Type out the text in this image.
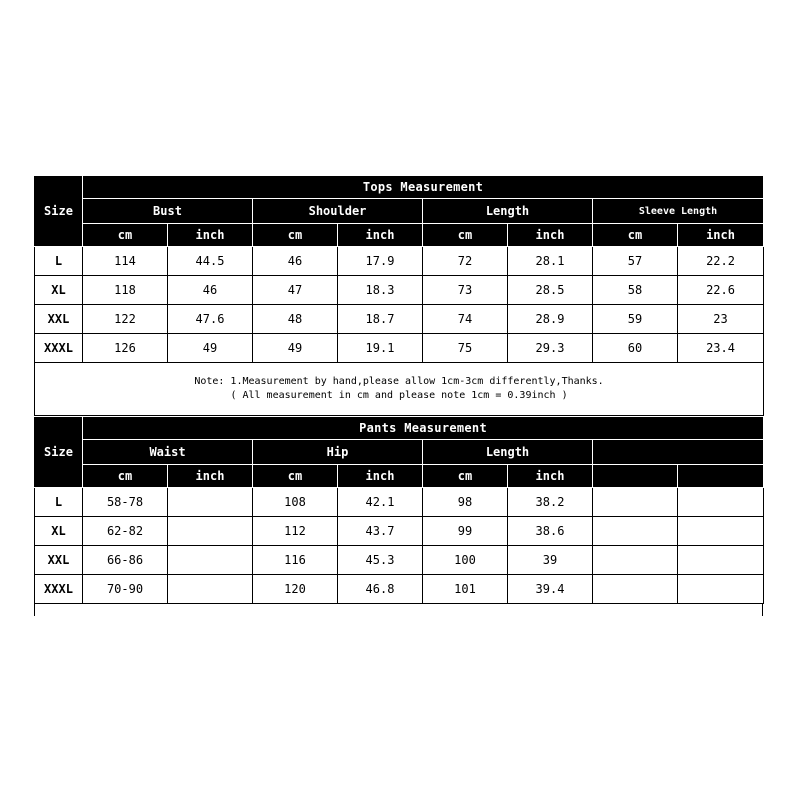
Size	Tops Measurement							
	Bust		Shoulder		Length		Sleeve Length	
	cm	inch	cm	inch	cm	inch	cm	inch
L	114	44.5	46	17.9	72	28.1	57	22.2
XL	118	46	47	18.3	73	28.5	58	22.6
XXL	122	47.6	48	18.7	74	28.9	59	23
XXXL	126	49	49	19.1	75	29.3	60	23.4

Note: 1.Measurement by hand,please allow 1cm-3cm differently,Thanks.
( All measurement in cm and please note 1cm = 0.39inch )								
Size	Pants Measurement							
	Waist		Hip		Length			
	cm	inch	cm	inch	cm	inch		
L	58-78		108	42.1	98	38.2		
XL	62-82		112	43.7	99	38.6		
XXL	66-86		116	45.3	100	39		
XXXL	70-90		120	46.8	101	39.4		
